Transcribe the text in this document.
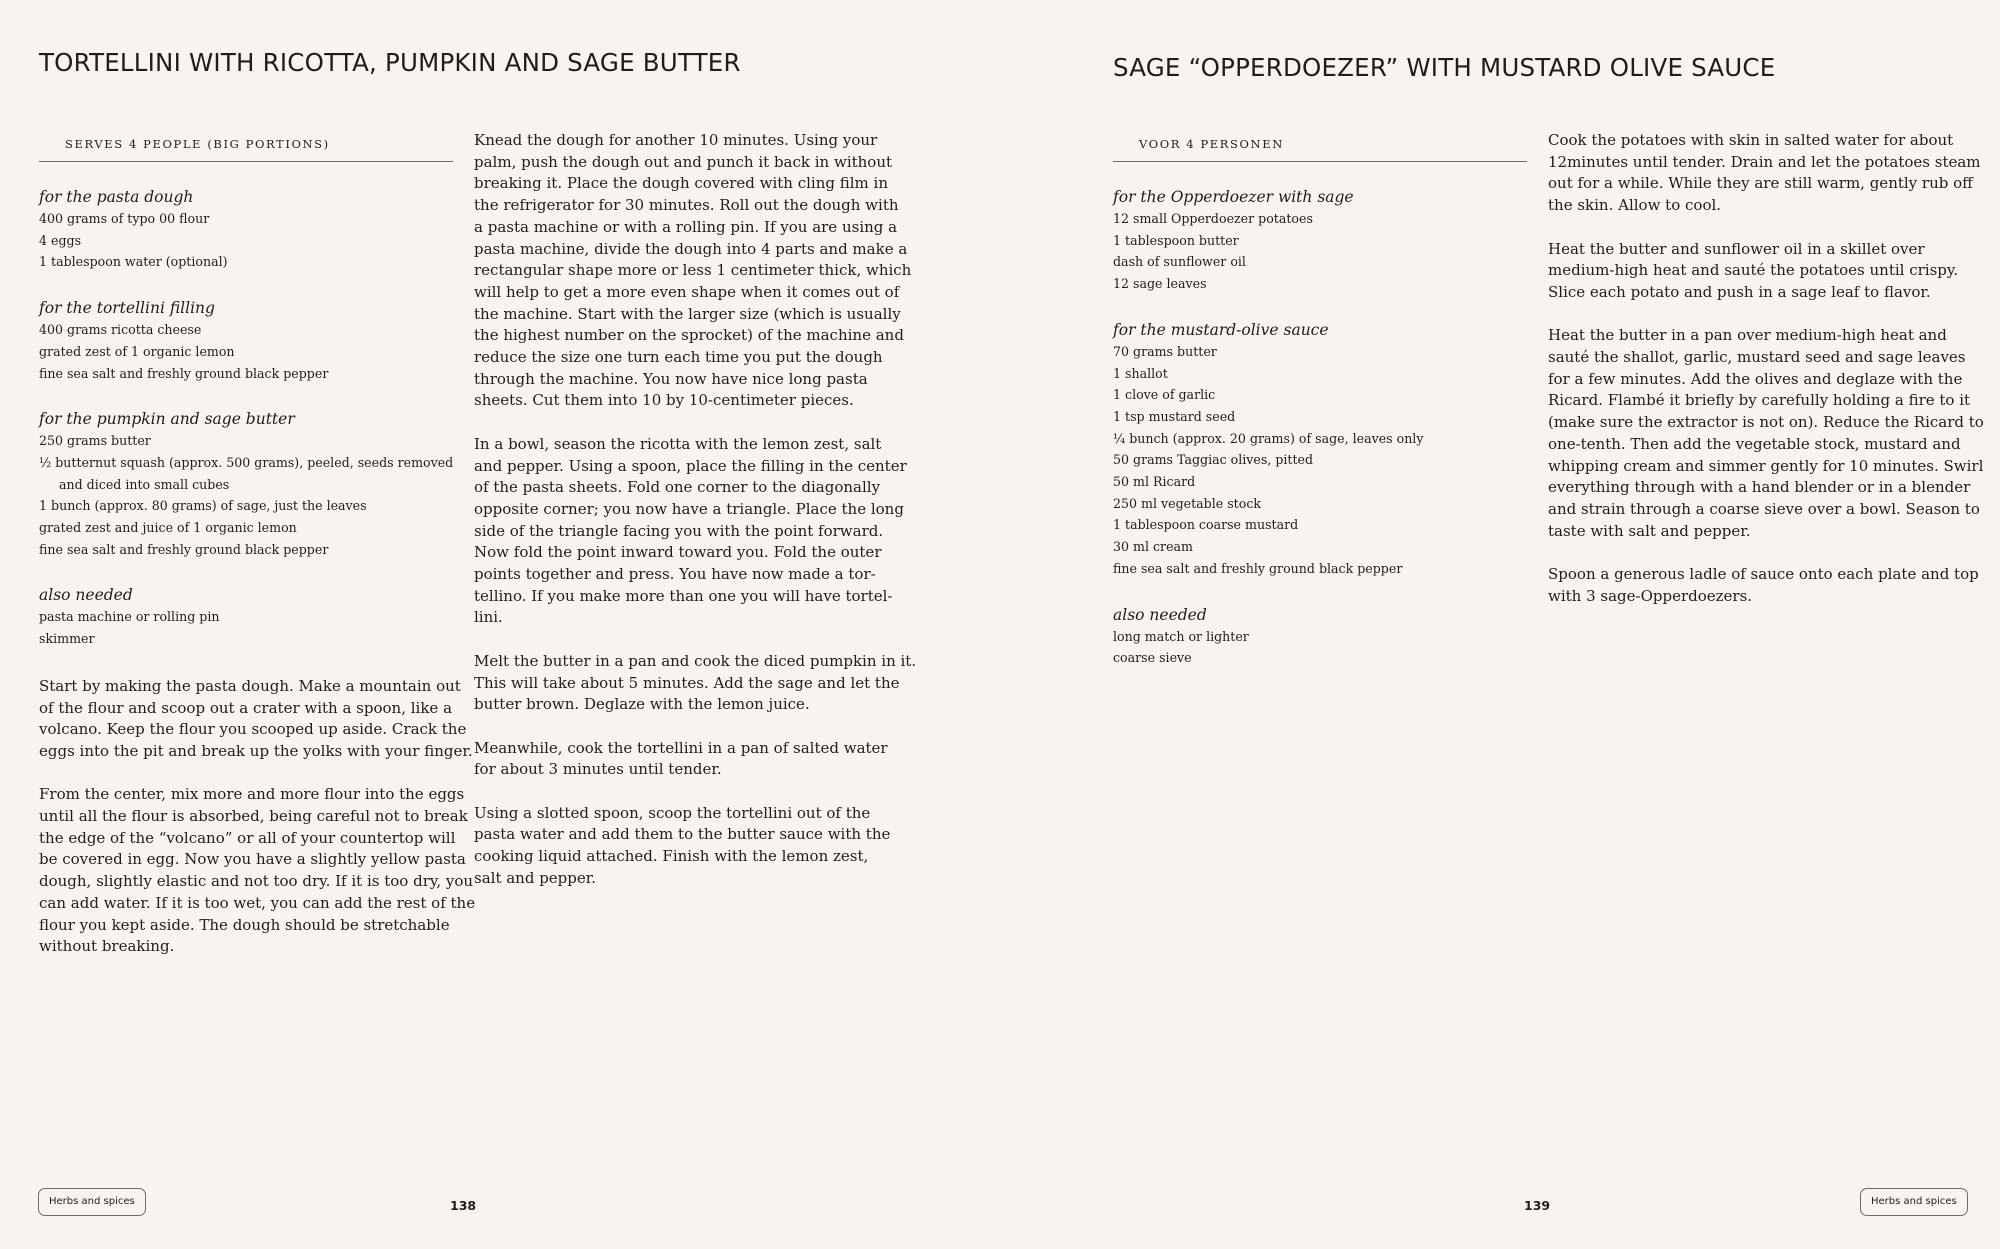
TORTELLINI WITH RICOTTA, PUMPKIN AND SAGE BUTTER
SERVES 4 PEOPLE (BIG PORTIONS)
for the pasta dough
400 grams of typo 00 flour
4 eggs
1 tablespoon water (optional)
for the tortellini filling
400 grams ricotta cheese
grated zest of 1 organic lemon
fine sea salt and freshly ground black pepper
for the pumpkin and sage butter
250 grams butter
½ butternut squash (approx. 500 grams), peeled, seeds removed
and diced into small cubes
1 bunch (approx. 80 grams) of sage, just the leaves
grated zest and juice of 1 organic lemon
fine sea salt and freshly ground black pepper
also needed
pasta machine or rolling pin
skimmer
Start by making the pasta dough. Make a mountain out
of the flour and scoop out a crater with a spoon, like a
volcano. Keep the flour you scooped up aside. Crack the
eggs into the pit and break up the yolks with your finger.
From the center, mix more and more flour into the eggs
until all the flour is absorbed, being careful not to break
the edge of the “volcano” or all of your countertop will
be covered in egg. Now you have a slightly yellow pasta
dough, slightly elastic and not too dry. If it is too dry, you
can add water. If it is too wet, you can add the rest of the
flour you kept aside. The dough should be stretchable
without breaking.
Knead the dough for another 10 minutes. Using your
palm, push the dough out and punch it back in without
breaking it. Place the dough covered with cling film in
the refrigerator for 30 minutes. Roll out the dough with
a pasta machine or with a rolling pin. If you are using a
pasta machine, divide the dough into 4 parts and make a
rectangular shape more or less 1 centimeter thick, which
will help to get a more even shape when it comes out of
the machine. Start with the larger size (which is usually
the highest number on the sprocket) of the machine and
reduce the size one turn each time you put the dough
through the machine. You now have nice long pasta
sheets. Cut them into 10 by 10-centimeter pieces.
In a bowl, season the ricotta with the lemon zest, salt
and pepper. Using a spoon, place the filling in the center
of the pasta sheets. Fold one corner to the diagonally
opposite corner; you now have a triangle. Place the long
side of the triangle facing you with the point forward.
Now fold the point inward toward you. Fold the outer
points together and press. You have now made a tor-
tellino. If you make more than one you will have tortel-
lini.
Melt the butter in a pan and cook the diced pumpkin in it.
This will take about 5 minutes. Add the sage and let the
butter brown. Deglaze with the lemon juice.
Meanwhile, cook the tortellini in a pan of salted water
for about 3 minutes until tender.
Using a slotted spoon, scoop the tortellini out of the
pasta water and add them to the butter sauce with the
cooking liquid attached. Finish with the lemon zest,
salt and pepper.
Herbs and spices	138
SAGE “OPPERDOEZER” WITH MUSTARD OLIVE SAUCE
VOOR 4 PERSONEN
for the Opperdoezer with sage
12 small Opperdoezer potatoes
1 tablespoon butter
dash of sunflower oil
12 sage leaves
for the mustard-olive sauce
70 grams butter
1 shallot
1 clove of garlic
1 tsp mustard seed
¼ bunch (approx. 20 grams) of sage, leaves only
50 grams Taggiac olives, pitted
50 ml Ricard
250 ml vegetable stock
1 tablespoon coarse mustard
30 ml cream
fine sea salt and freshly ground black pepper
also needed
long match or lighter
coarse sieve
Cook the potatoes with skin in salted water for about
12minutes until tender. Drain and let the potatoes steam
out for a while. While they are still warm, gently rub off
the skin. Allow to cool.
Heat the butter and sunflower oil in a skillet over
medium-high heat and sauté the potatoes until crispy.
Slice each potato and push in a sage leaf to flavor.
Heat the butter in a pan over medium-high heat and
sauté the shallot, garlic, mustard seed and sage leaves
for a few minutes. Add the olives and deglaze with the
Ricard. Flambé it briefly by carefully holding a fire to it
(make sure the extractor is not on). Reduce the Ricard to
one-tenth. Then add the vegetable stock, mustard and
whipping cream and simmer gently for 10 minutes. Swirl
everything through with a hand blender or in a blender
and strain through a coarse sieve over a bowl. Season to
taste with salt and pepper.
Spoon a generous ladle of sauce onto each plate and top
with 3 sage-Opperdoezers.
139	Herbs and spices
